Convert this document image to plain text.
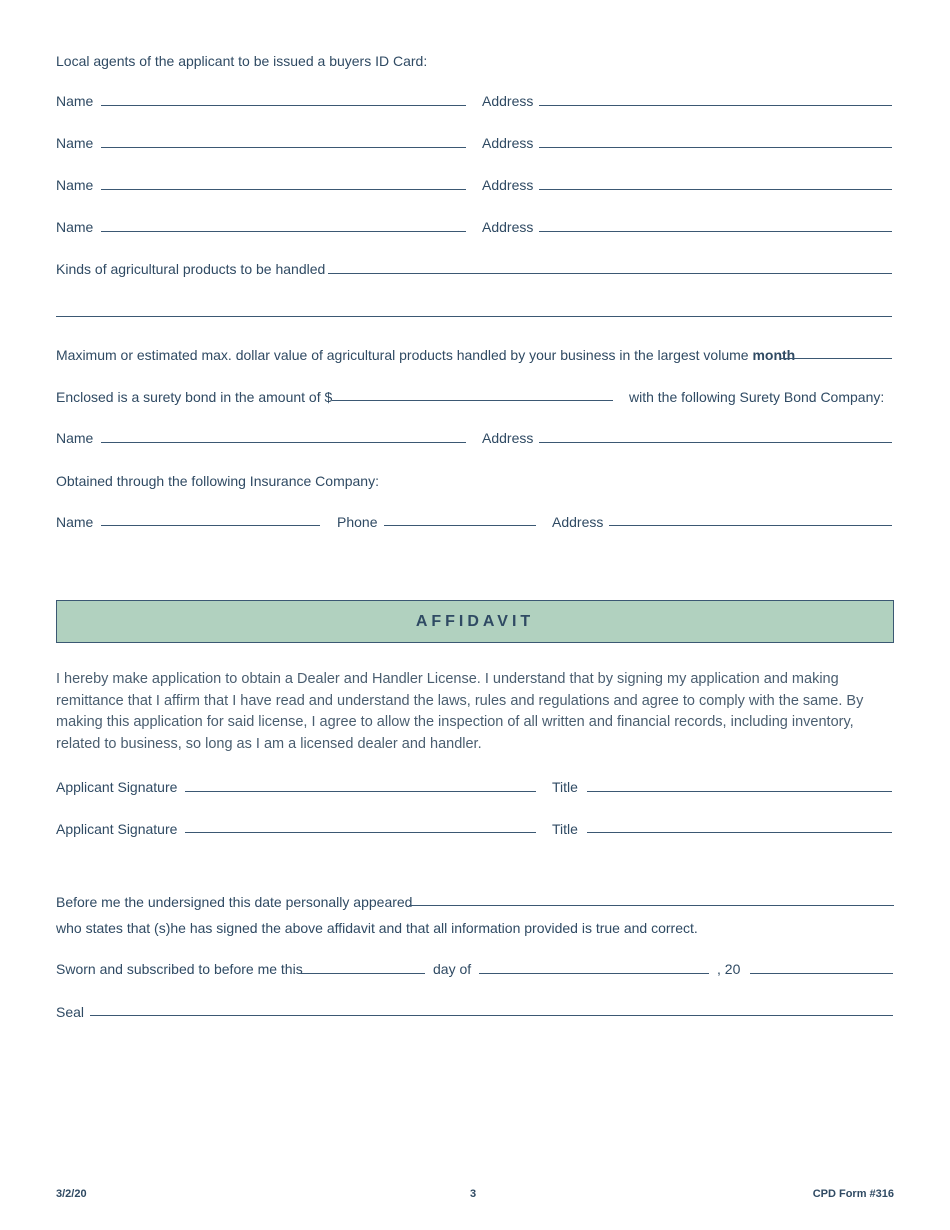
Local agents of the applicant to be issued a buyers ID Card:
Name	Address
Name	Address
Name	Address
Name	Address
Kinds of agricultural products to be handled
Maximum or estimated max. dollar value of agricultural products handled by your business in the largest volume month
Enclosed is a surety bond in the amount of $	with the following Surety Bond Company:
Name	Address
Obtained through the following Insurance Company:
Name	Phone	Address
AFFIDAVIT
I hereby make application to obtain a Dealer and Handler License. I understand that by signing my application and making remittance that I affirm that I have read and understand the laws, rules and regulations and agree to comply with the same. By making this application for said license, I agree to allow the inspection of all written and financial records, including inventory, related to business, so long as I am a licensed dealer and handler.
Applicant Signature	Title
Applicant Signature	Title
Before me the undersigned this date personally appeared
who states that (s)he has signed the above affidavit and that all information provided is true and correct.
Sworn and subscribed to before me this	day of	, 20
Seal
3/2/20	3	CPD Form #316
